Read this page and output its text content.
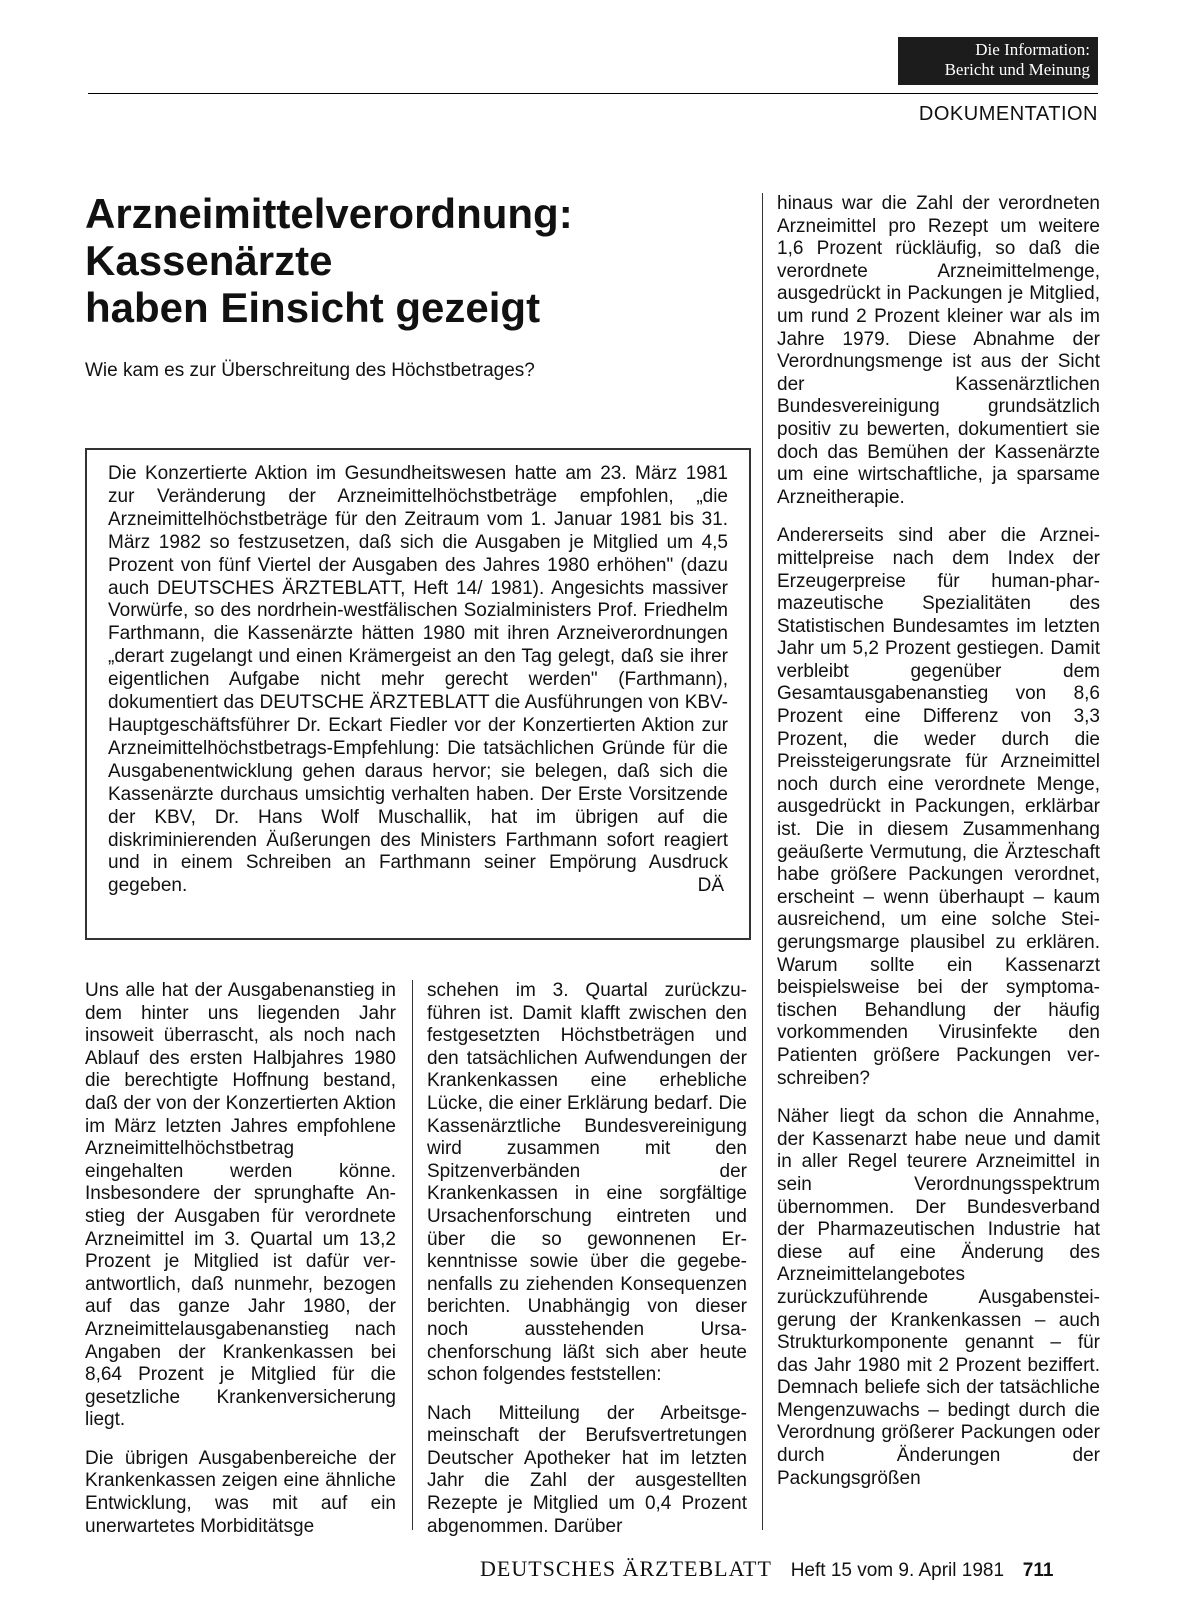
Die Information:
Bericht und Meinung
DOKUMENTATION
Arzneimittelverordnung:
Kassenärzte
haben Einsicht gezeigt
Wie kam es zur Überschreitung des Höchstbetrages?

Die Konzertierte Aktion im Gesundheitswesen hatte am 23. März 1981 zur Veränderung der Arzneimittelhöchstbeträge empfohlen, „die Arzneimittelhöchstbeträge für den Zeitraum vom 1. Januar 1981 bis 31. März 1982 so festzusetzen, daß sich die Ausgaben je Mitglied um 4,5 Prozent von fünf Viertel der Ausgaben des Jahres 1980 erhöhen" (dazu auch DEUTSCHES ÄRZTEBLATT, Heft 14/ 1981). Angesichts massiver Vorwürfe, so des nordrhein-westfälischen Sozialministers Prof. Friedhelm Farthmann, die Kassenärzte hätten 1980 mit ihren Arzneiverordnungen „derart zugelangt und einen Krämergeist an den Tag gelegt, daß sie ihrer eigentlichen Aufgabe nicht mehr gerecht werden" (Farthmann), dokumentiert das DEUTSCHE ÄRZTEBLATT die Ausführungen von KBV-Hauptgeschäftsführer Dr. Eckart Fiedler vor der Konzertierten Aktion zur Arzneimittelhöchstbetrags-Empfehlung: Die tatsächlichen Gründe für die Ausgabenentwicklung gehen daraus hervor; sie belegen, daß sich die Kassenärzte durchaus umsichtig verhalten haben. Der Erste Vorsitzende der KBV, Dr. Hans Wolf Muschallik, hat im übrigen auf die diskriminierenden Äußerungen des Ministers Farthmann sofort reagiert und in einem Schreiben an Farthmann seiner Empörung Ausdruck gegeben.	DÄ

Uns alle hat der Ausgabenanstieg in dem hinter uns liegenden Jahr insoweit überrascht, als noch nach Ablauf des ersten Halbjahres 1980 die berechtigte Hoffnung bestand, daß der von der Konzertierten Aktion im März letzten Jahres empfohlene Arzneimittelhöchstbetrag eingehalten werden könne. Insbesondere der sprunghafte Anstieg der Ausgaben für verordnete Arzneimittel im 3. Quartal um 13,2 Prozent je Mitglied ist dafür verantwortlich, daß nunmehr, bezogen auf das ganze Jahr 1980, der Arzneimittelausgabenanstieg nach Angaben der Krankenkassen bei 8,64 Prozent je Mitglied für die gesetzliche Krankenversicherung liegt.

Die übrigen Ausgabenbereiche der Krankenkassen zeigen eine ähnliche Entwicklung, was mit auf ein unerwartetes Morbiditätsge

schehen im 3. Quartal zurückzuführen ist. Damit klafft zwischen den festgesetzten Höchstbeträgen und den tatsächlichen Aufwendungen der Krankenkassen eine erhebliche Lücke, die einer Erklärung bedarf. Die Kassenärztliche Bundesvereinigung wird zusammen mit den Spitzenverbänden der Krankenkassen in eine sorgfältige Ursachenforschung eintreten und über die so gewonnenen Erkenntnisse sowie über die gegebenenfalls zu ziehenden Konsequenzen berichten. Unabhängig von dieser noch ausstehenden Ursachenforschung läßt sich aber heute schon folgendes feststellen:

Nach Mitteilung der Arbeitsgemeinschaft der Berufsvertretungen Deutscher Apotheker hat im letzten Jahr die Zahl der ausgestellten Rezepte je Mitglied um 0,4 Prozent abgenommen. Darüber

hinaus war die Zahl der verordneten Arzneimittel pro Rezept um weitere 1,6 Prozent rückläufig, so daß die verordnete Arzneimittelmenge, ausgedrückt in Packungen je Mitglied, um rund 2 Prozent kleiner war als im Jahre 1979. Diese Abnahme der Verordnungsmenge ist aus der Sicht der Kassenärztlichen Bundesvereinigung grundsätzlich positiv zu bewerten, dokumentiert sie doch das Bemühen der Kassenärzte um eine wirtschaftliche, ja sparsame Arzneitherapie.

Andererseits sind aber die Arzneimittelpreise nach dem Index der Erzeugerpreise für human-pharmazeutische Spezialitäten des Statistischen Bundesamtes im letzten Jahr um 5,2 Prozent gestiegen. Damit verbleibt gegenüber dem Gesamtausgabenanstieg von 8,6 Prozent eine Differenz von 3,3 Prozent, die weder durch die Preissteigerungsrate für Arzneimittel noch durch eine verordnete Menge, ausgedrückt in Packungen, erklärbar ist. Die in diesem Zusammenhang geäußerte Vermutung, die Ärzteschaft habe größere Packungen verordnet, erscheint – wenn überhaupt – kaum ausreichend, um eine solche Steigerungsmarge plausibel zu erklären. Warum sollte ein Kassenarzt beispielsweise bei der symptomatischen Behandlung der häufig vorkommenden Virusinfekte den Patienten größere Packungen verschreiben?

Näher liegt da schon die Annahme, der Kassenarzt habe neue und damit in aller Regel teurere Arzneimittel in sein Verordnungsspektrum übernommen. Der Bundesverband der Pharmazeutischen Industrie hat diese auf eine Änderung des Arzneimittelangebotes zurückzuführende Ausgabensteigerung der Krankenkassen – auch Strukturkomponente genannt – für das Jahr 1980 mit 2 Prozent beziffert. Demnach beliefe sich der tatsächliche Mengenzuwachs – bedingt durch die Verordnung größerer Packungen oder durch Änderungen der Packungsgrößen

DEUTSCHES ÄRZTEBLATT Heft 15 vom 9. April 1981 711
